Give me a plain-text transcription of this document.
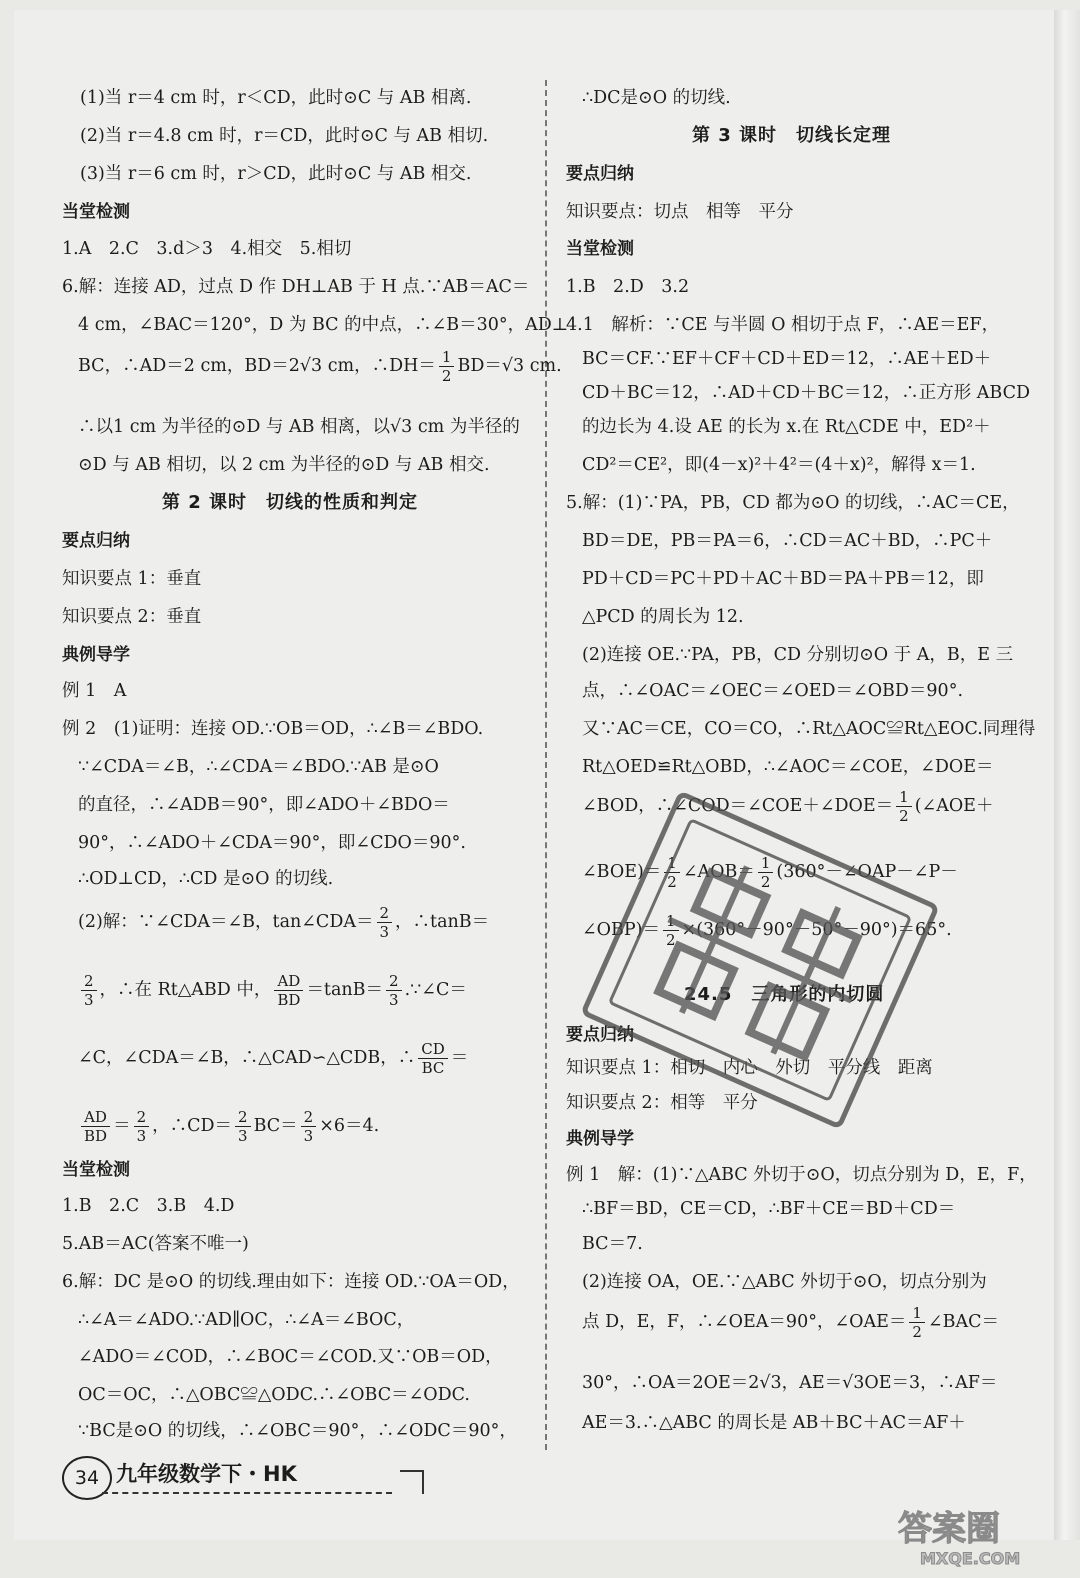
(1)当 r＝4 cm 时，r＜CD，此时⊙C 与 AB 相离.
(2)当 r＝4.8 cm 时，r＝CD，此时⊙C 与 AB 相切.
(3)当 r＝6 cm 时，r＞CD，此时⊙C 与 AB 相交.
当堂检测
1.A　2.C　3.d＞3　4.相交　5.相切
6.解：连接 AD，过点 D 作 DH⊥AB 于 H 点.∵AB＝AC＝
4 cm，∠BAC＝120°，D 为 BC 的中点，∴∠B＝30°，AD⊥
BC，∴AD＝2 cm，BD＝2√3 cm，∴DH＝ $\frac{1}{2} BD=√3$ cm.
∴以1 cm 为半径的⊙D 与 AB 相离，以√3 cm 为半径的
⊙D 与 AB 相切，以 2 cm 为半径的⊙D 与 AB 相交.
第 2 课时　切线的性质和判定
要点归纳
知识要点 1：垂直
知识要点 2：垂直
典例导学
例 1　A
例 2　(1)证明：连接 OD.∵OB＝OD，∴∠B＝∠BDO.
∵∠CDA＝∠B，∴∠CDA＝∠BDO.∵AB 是⊙O
的直径，∴∠ADB＝90°，即∠ADO＋∠BDO＝
90°，∴∠ADO＋∠CDA＝90°，即∠CDO＝90°.
∴OD⊥CD，∴CD 是⊙O 的切线.
(2)解：∵∠CDA＝∠B，tan∠CDA＝ $\frac{2}{3}$ ，∴tanB＝
$\frac{2}{3}$ ，∴在 Rt△ABD 中， $\frac{AD}{BD} =\tan B= \frac{2}{3}$ .∵∠C＝
∠C，∠CDA＝∠B，∴△CAD∽△CDB，∴ $\frac{CD}{BC}$ ＝
$\frac{AD}{BD} = \frac{2}{3}$ ，∴CD＝ $\frac{2}{3} BC= \frac{2}{3} \times 6=4$.
当堂检测
1.B　2.C　3.B　4.D
5.AB＝AC(答案不唯一)
6.解：DC 是⊙O 的切线.理由如下：连接 OD.∵OA＝OD，
∴∠A＝∠ADO.∵AD∥OC，∴∠A＝∠BOC，
∠ADO＝∠COD，∴∠BOC＝∠COD.又∵OB＝OD，
OC＝OC，∴△OBC≌△ODC.∴∠OBC＝∠ODC.
∵BC是⊙O 的切线，∴∠OBC＝90°，∴∠ODC＝90°，
∴DC是⊙O 的切线.
第 3 课时　切线长定理
要点归纳
知识要点：切点　相等　平分
当堂检测
1.B　2.D　3.2
4.1　解析：∵CE 与半圆 O 相切于点 F，∴AE＝EF，
BC＝CF.∵EF＋CF＋CD＋ED＝12，∴AE＋ED＋
CD＋BC＝12，∴AD＋CD＋BC＝12，∴正方形 ABCD
的边长为 4.设 AE 的长为 x.在 Rt△CDE 中，ED²＋
CD²＝CE²，即(4－x)²＋4²＝(4＋x)²，解得 x＝1.
5.解：(1)∵PA，PB，CD 都为⊙O 的切线，∴AC＝CE，
BD＝DE，PB＝PA＝6，∴CD＝AC＋BD，∴PC＋
PD＋CD＝PC＋PD＋AC＋BD＝PA＋PB＝12，即
△PCD 的周长为 12.
(2)连接 OE.∵PA，PB，CD 分别切⊙O 于 A，B，E 三
点，∴∠OAC＝∠OEC＝∠OED＝∠OBD＝90°.
又∵AC＝CE，CO＝CO，∴Rt△AOC≌Rt△EOC.同理得
Rt△OED≌Rt△OBD，∴∠AOC＝∠COE，∠DOE＝
∠BOD，∴∠COD＝∠COE＋∠DOE＝ $\frac{1}{2}$ (∠AOE＋
∠BOE)＝ $\frac{1}{2}$ ∠AOB＝ $\frac{1}{2}$ (360°－∠OAP－∠P－
∠OBP)＝ $\frac{1}{2} \times(360^\circ-90^\circ-50^\circ-90^\circ)=65^\circ$.
24.5　三角形的内切圆
要点归纳
知识要点 1：相切　内心　外切　平分线　距离
知识要点 2：相等　平分
典例导学
例 1　解：(1)∵△ABC 外切于⊙O，切点分别为 D，E，F，
∴BF＝BD，CE＝CD，∴BF＋CE＝BD＋CD＝
BC＝7.
(2)连接 OA，OE.∵△ABC 外切于⊙O，切点分别为
点 D，E，F，∴∠OEA＝90°，∠OAE＝ $\frac{1}{2}$ ∠BAC＝
30°，∴OA＝2OE＝2√3，AE＝√3OE＝3，∴AF＝
AE＝3.∴△ABC 的周长是 AB＋BC＋AC＝AF＋
34 九年级数学下・HK
答案圈
MXQE.COM
